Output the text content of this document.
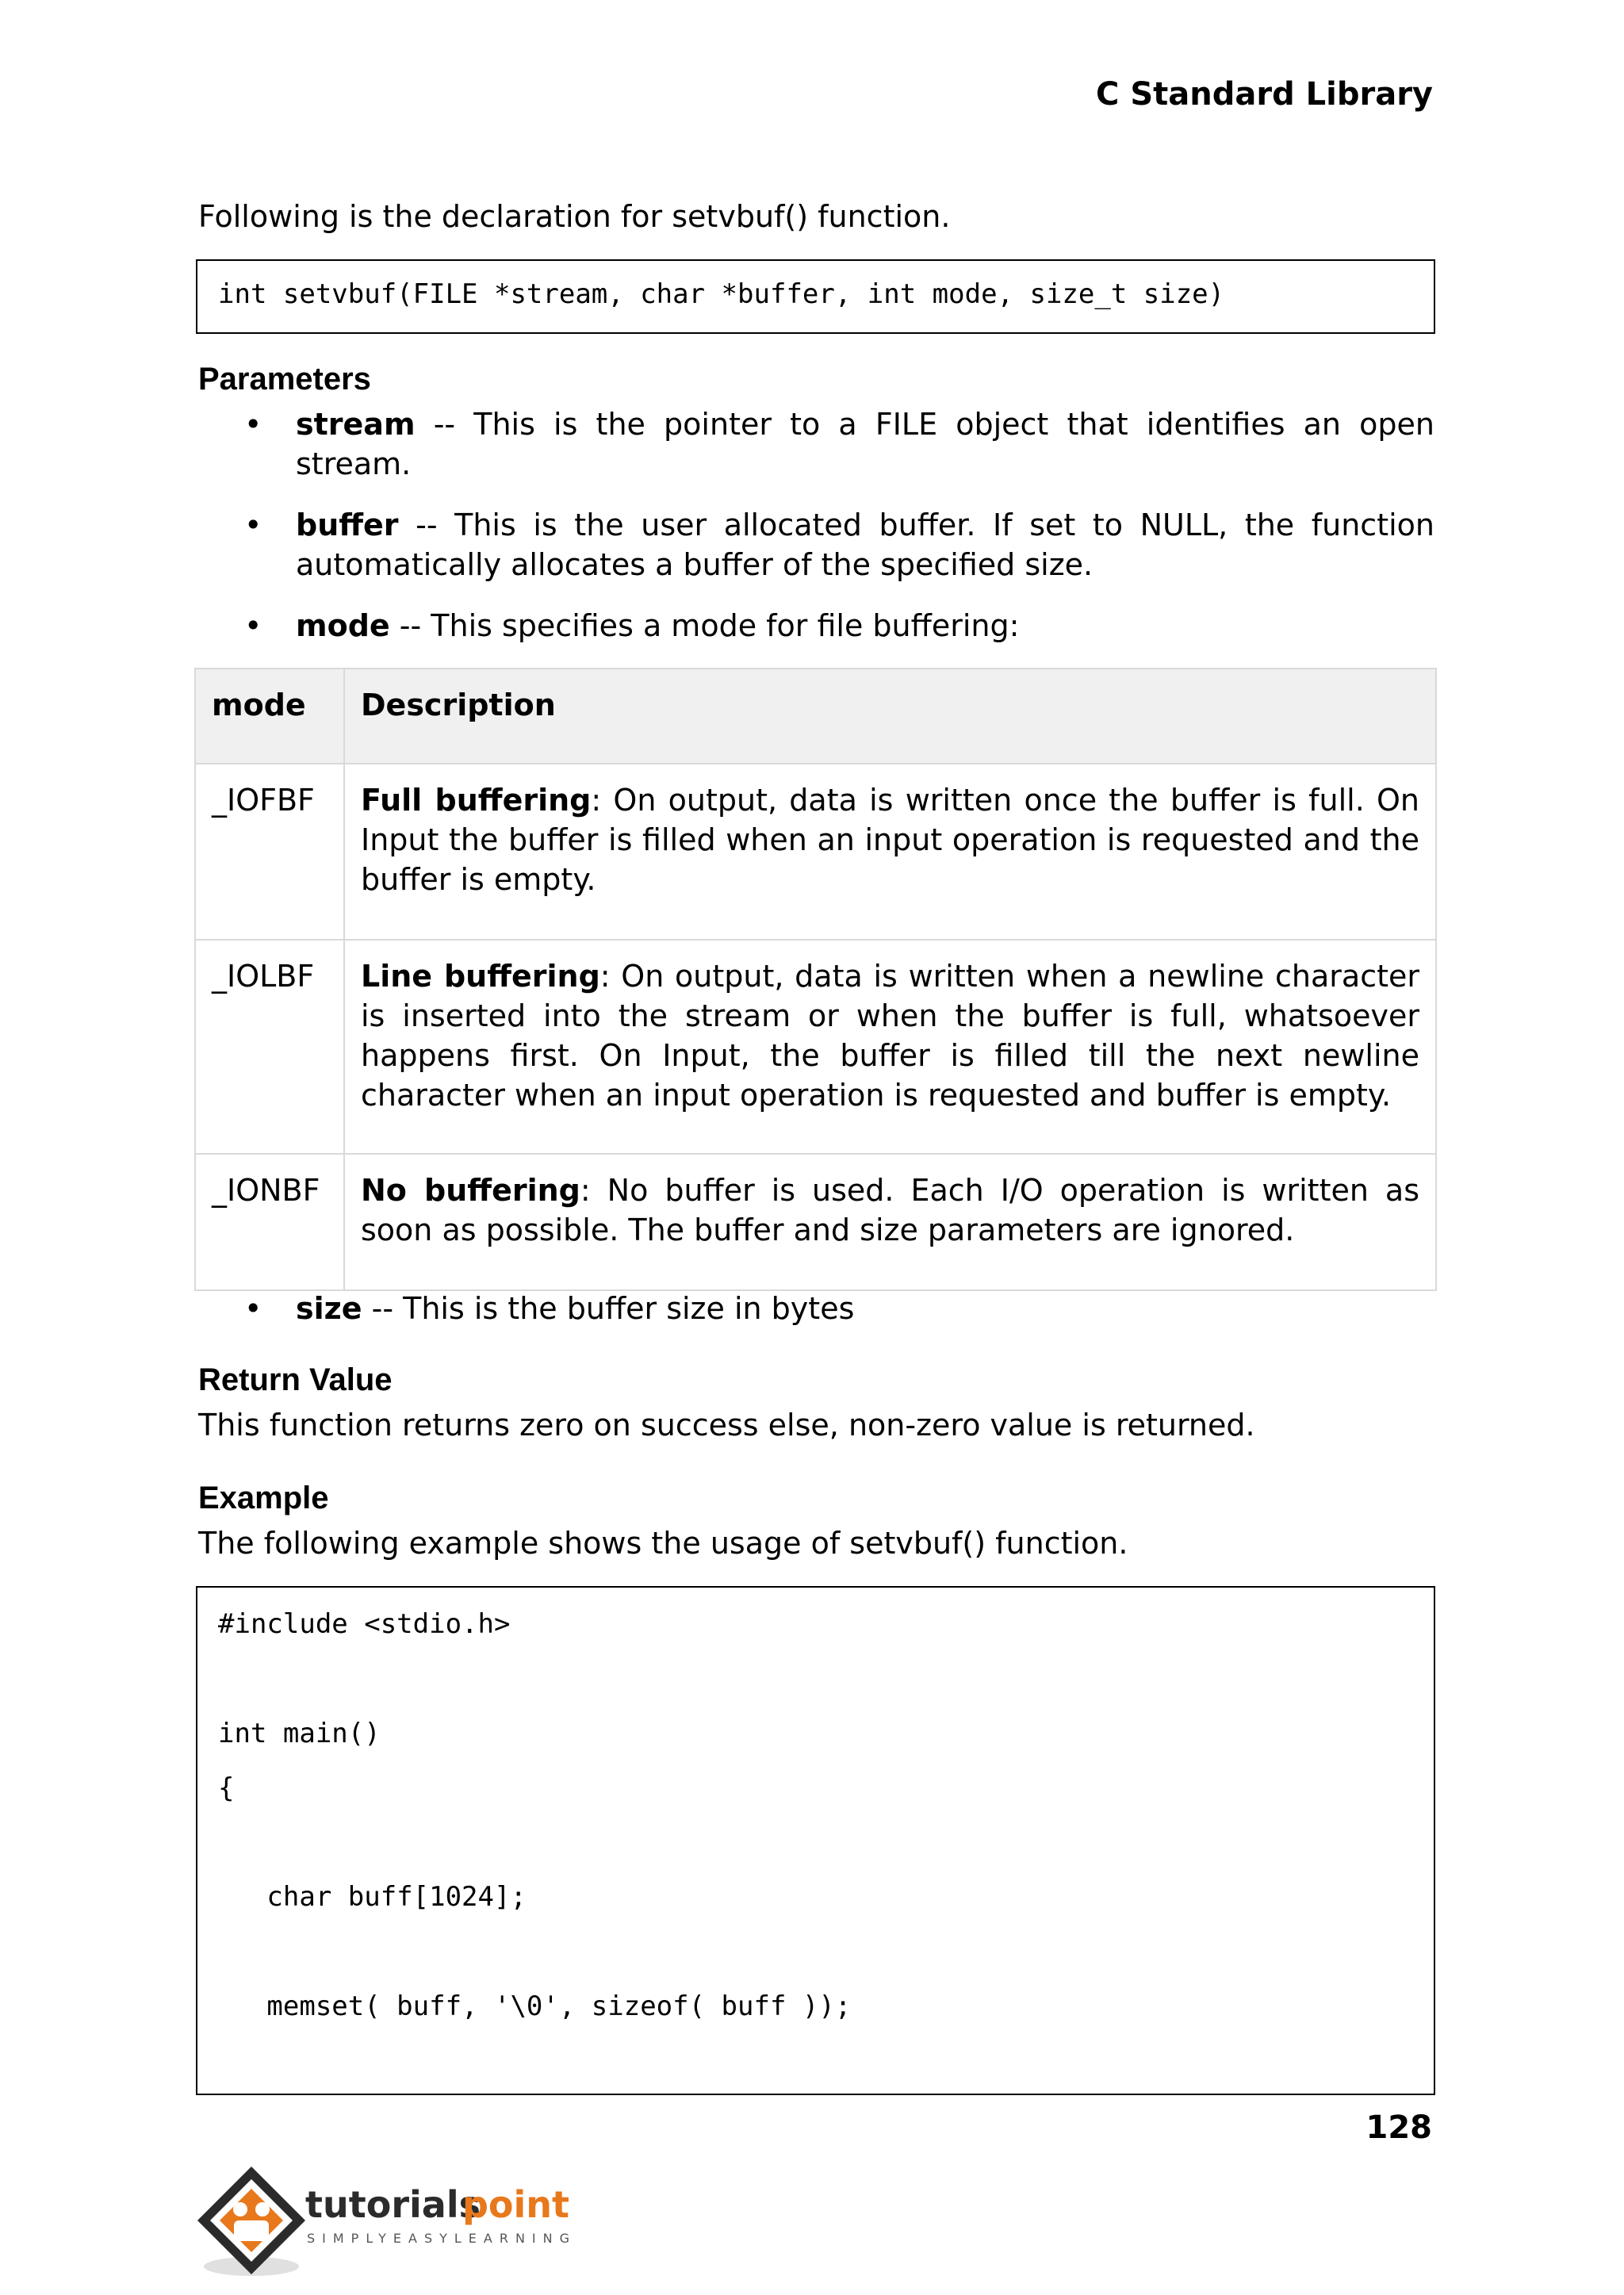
C Standard Library
Following is the declaration for setvbuf() function.
int setvbuf(FILE *stream, char *buffer, int mode, size_t size)
Parameters
• stream -- This is the pointer to a FILE object that identifies an open stream.
• buffer -- This is the user allocated buffer. If set to NULL, the function automatically allocates a buffer of the specified size.
• mode -- This specifies a mode for file buffering:
mode	Description
_IOFBF	Full buffering: On output, data is written once the buffer is full. On Input the buffer is filled when an input operation is requested and the buffer is empty.
_IOLBF	Line buffering: On output, data is written when a newline character is inserted into the stream or when the buffer is full, whatsoever happens first. On Input, the buffer is filled till the next newline character when an input operation is requested and buffer is empty.
_IONBF	No buffering: No buffer is used. Each I/O operation is written as soon as possible. The buffer and size parameters are ignored.
• size -- This is the buffer size in bytes
Return Value
This function returns zero on success else, non-zero value is returned.
Example
The following example shows the usage of setvbuf() function.
#include <stdio.h>
int main()
{
char buff[1024];
memset( buff, '\0', sizeof( buff ));
128
tutorials
point
SIMPLYEASYLEARNING
